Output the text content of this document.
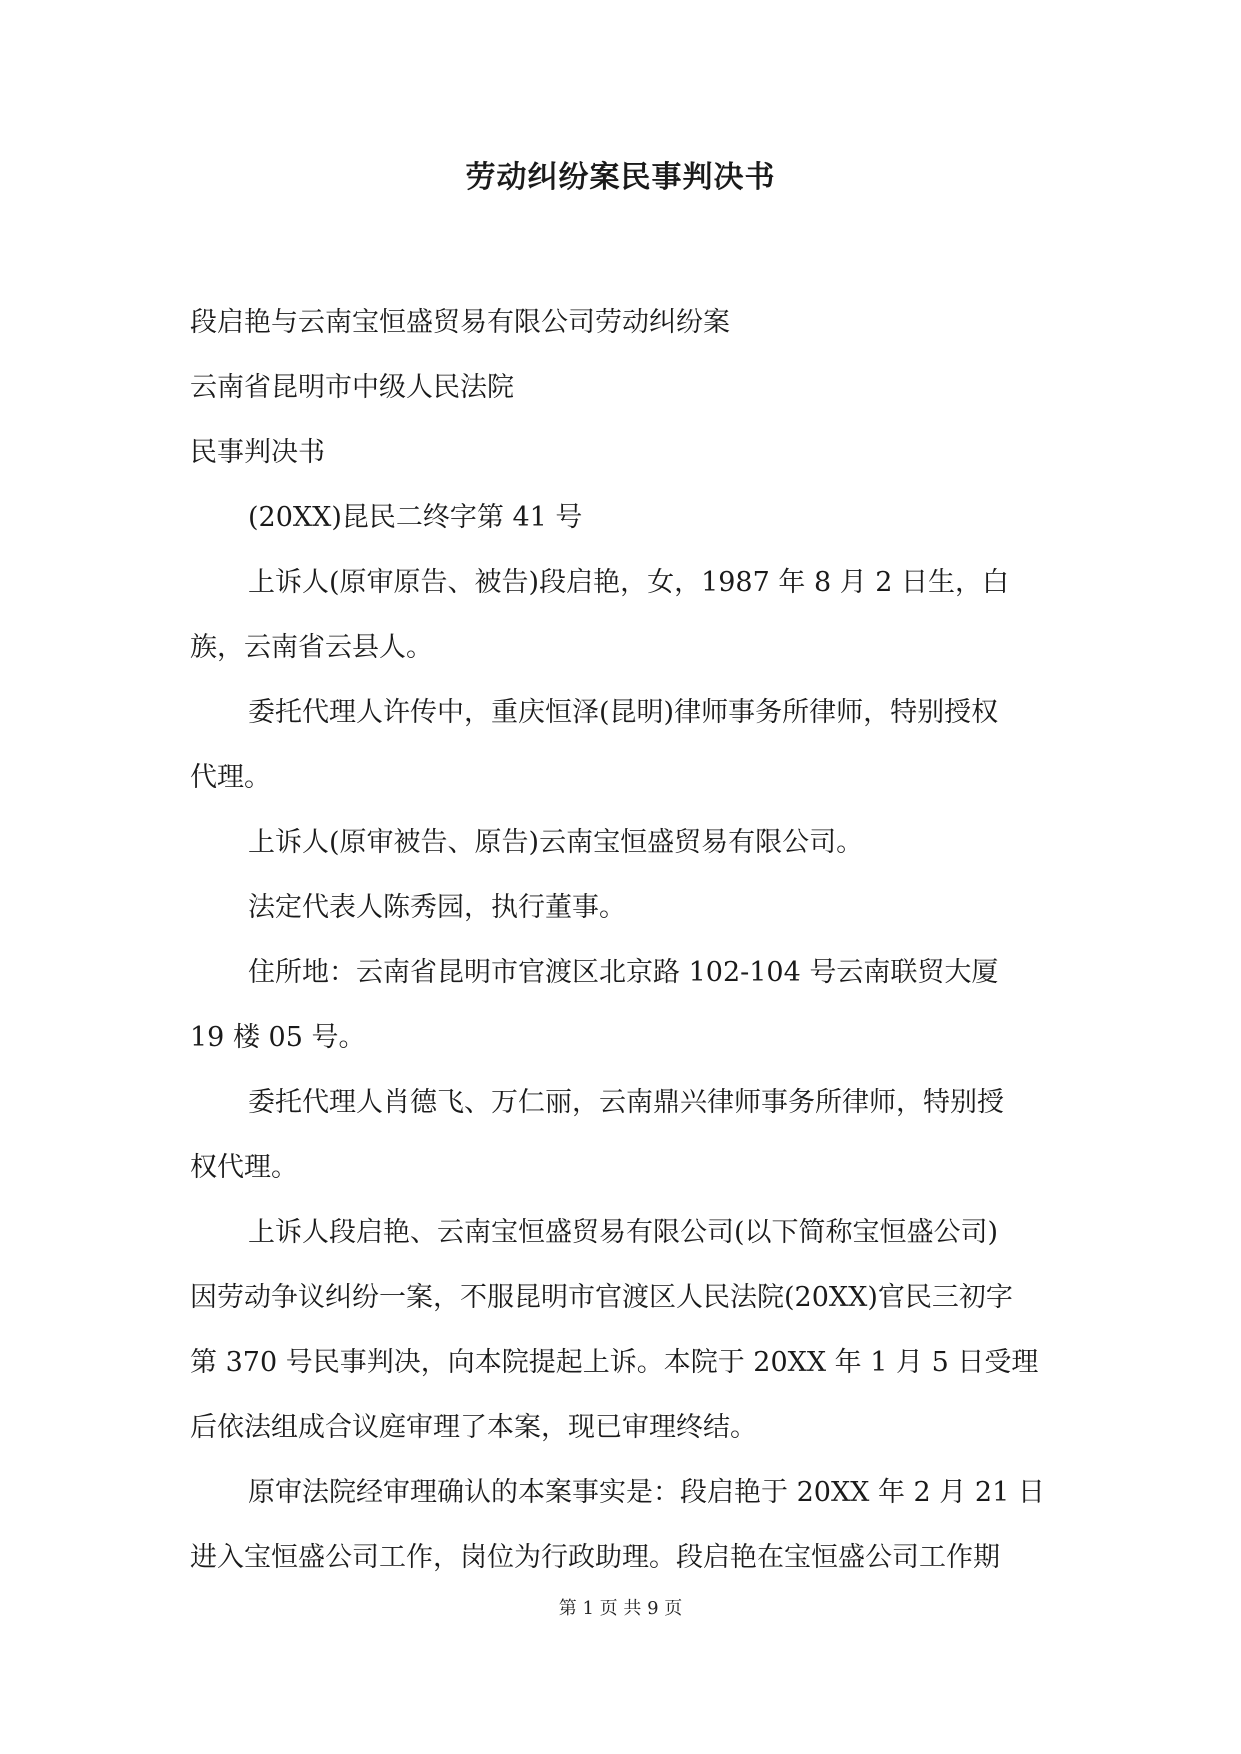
劳动纠纷案民事判决书
段启艳与云南宝恒盛贸易有限公司劳动纠纷案
云南省昆明市中级人民法院
民事判决书
(20XX)昆民二终字第 41 号
上诉人(原审原告、被告)段启艳，女，1987 年 8 月 2 日生，白
族，云南省云县人。
委托代理人许传中，重庆恒泽(昆明)律师事务所律师，特别授权
代理。
上诉人(原审被告、原告)云南宝恒盛贸易有限公司。
法定代表人陈秀园，执行董事。
住所地：云南省昆明市官渡区北京路 102-104 号云南联贸大厦
19 楼 05 号。
委托代理人肖德飞、万仁丽，云南鼎兴律师事务所律师，特别授
权代理。
上诉人段启艳、云南宝恒盛贸易有限公司(以下简称宝恒盛公司)
因劳动争议纠纷一案，不服昆明市官渡区人民法院(20XX)官民三初字
第 370 号民事判决，向本院提起上诉。本院于 20XX 年 1 月 5 日受理
后依法组成合议庭审理了本案，现已审理终结。
原审法院经审理确认的本案事实是：段启艳于 20XX 年 2 月 21 日
进入宝恒盛公司工作，岗位为行政助理。段启艳在宝恒盛公司工作期
第 1 页 共 9 页
